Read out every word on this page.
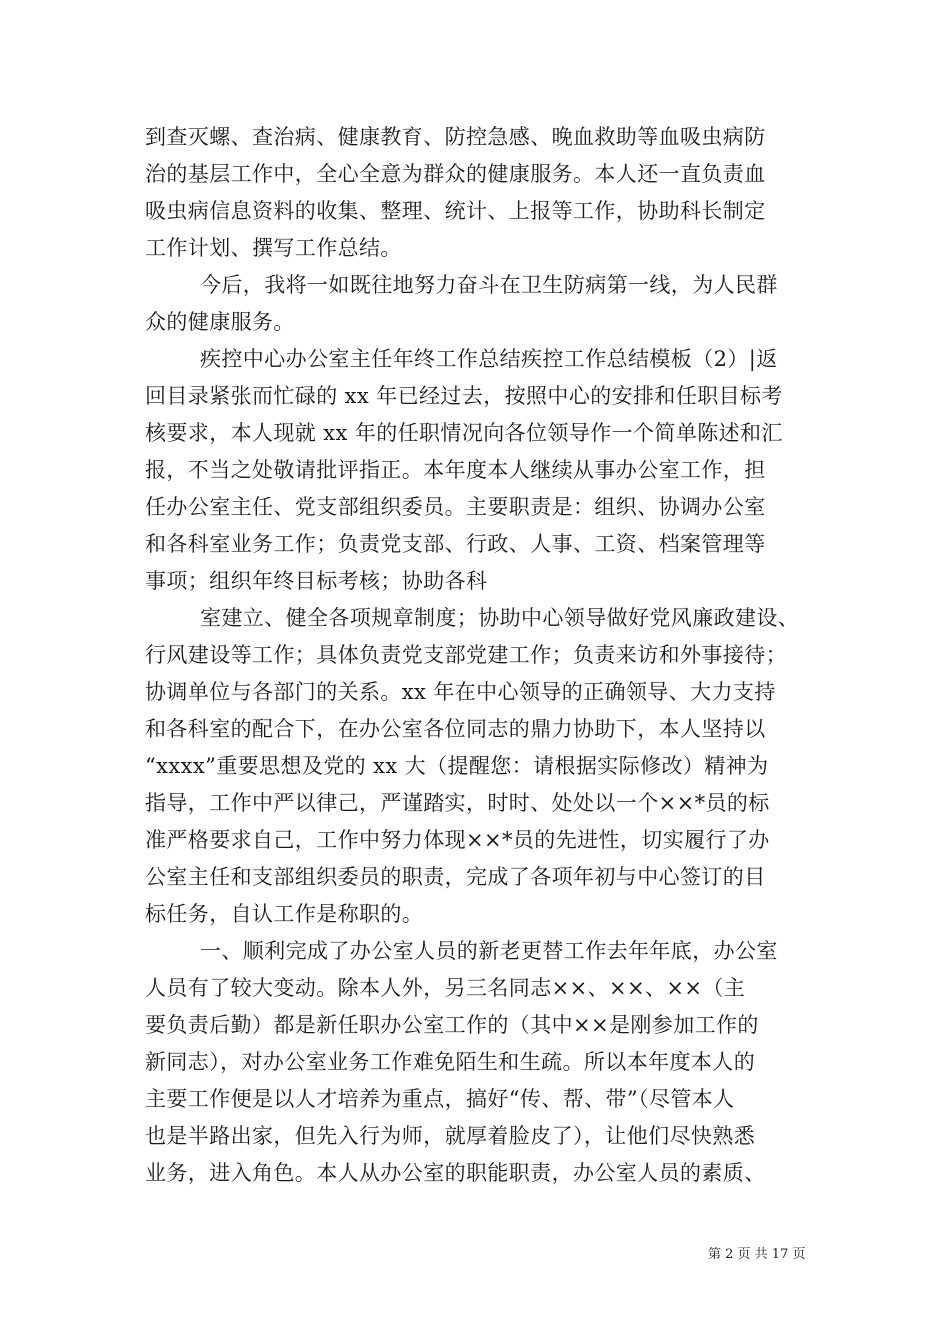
到查灭螺、查治病、健康教育、防控急感、晚血救助等血吸虫病防
治的基层工作中，全心全意为群众的健康服务。本人还一直负责血
吸虫病信息资料的收集、整理、统计、上报等工作，协助科长制定
工作计划、撰写工作总结。
今后，我将一如既往地努力奋斗在卫生防病第一线，为人民群
众的健康服务。
疾控中心办公室主任年终工作总结疾控工作总结模板（2）|返
回目录紧张而忙碌的 xx 年已经过去，按照中心的安排和任职目标考
核要求，本人现就 xx 年的任职情况向各位领导作一个简单陈述和汇
报，不当之处敬请批评指正。本年度本人继续从事办公室工作，担
任办公室主任、党支部组织委员。主要职责是：组织、协调办公室
和各科室业务工作；负责党支部、行政、人事、工资、档案管理等
事项；组织年终目标考核；协助各科
室建立、健全各项规章制度；协助中心领导做好党风廉政建设、
行风建设等工作；具体负责党支部党建工作；负责来访和外事接待；
协调单位与各部门的关系。xx 年在中心领导的正确领导、大力支持
和各科室的配合下，在办公室各位同志的鼎力协助下，本人坚持以
“xxxx”重要思想及党的 xx 大（提醒您：请根据实际修改）精神为
指导，工作中严以律己，严谨踏实，时时、处处以一个××*员的标
准严格要求自己，工作中努力体现××*员的先进性，切实履行了办
公室主任和支部组织委员的职责，完成了各项年初与中心签订的目
标任务，自认工作是称职的。
一、顺利完成了办公室人员的新老更替工作去年年底，办公室
人员有了较大变动。除本人外，另三名同志××、××、××（主
要负责后勤）都是新任职办公室工作的（其中××是刚参加工作的
新同志），对办公室业务工作难免陌生和生疏。所以本年度本人的
主要工作便是以人才培养为重点，搞好“传、帮、带”（尽管本人
也是半路出家，但先入行为师，就厚着脸皮了），让他们尽快熟悉
业务，进入角色。本人从办公室的职能职责，办公室人员的素质、
第 2 页 共 17 页
